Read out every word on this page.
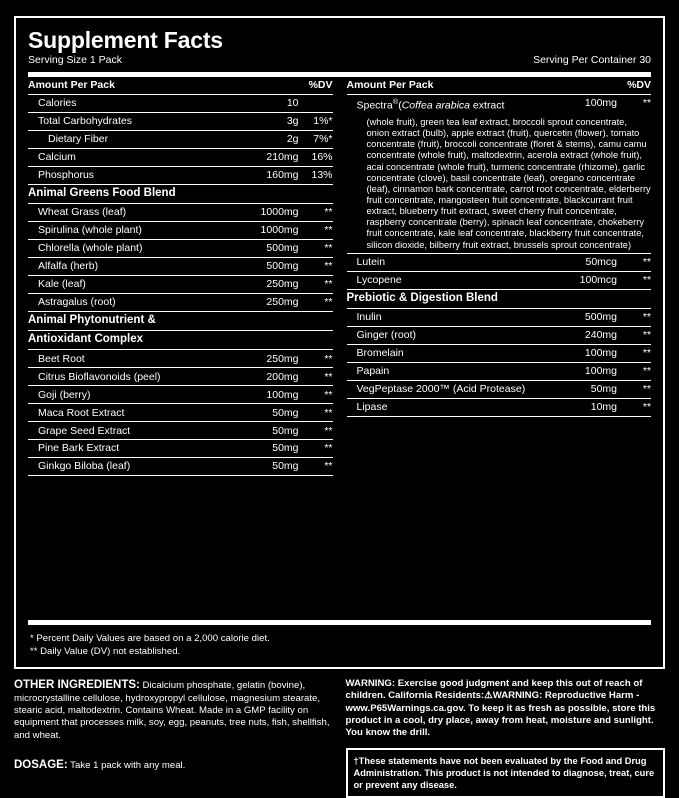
Supplement Facts
Serving Size 1 Pack	Serving Per Container 30
Amount Per Pack		%DV
Calories	10	
Total Carbohydrates	3g	1%*
Dietary Fiber	2g	7%*
Calcium	210mg	16%
Phosphorus	160mg	13%
Animal Greens Food Blend		
Wheat Grass (leaf)	1000mg	**
Spirulina (whole plant)	1000mg	**
Chlorella (whole plant)	500mg	**
Alfalfa (herb)	500mg	**
Kale (leaf)	250mg	**
Astragalus (root)	250mg	**
Animal Phytonutrient &		
Antioxidant Complex		
Beet Root	250mg	**
Citrus Bioflavonoids (peel)	200mg	**
Goji (berry)	100mg	**
Maca Root Extract	50mg	**
Grape Seed Extract	50mg	**
Pine Bark Extract	50mg	**
Ginkgo Biloba (leaf)	50mg	**

Amount Per Pack		%DV
Spectra®(Coffea arabica extract	100mg	**
(whole fruit), green tea leaf extract, broccoli sprout concentrate, onion extract (bulb), apple extract (fruit), quercetin (flower), tomato concentrate (fruit), broccoli concentrate (floret & stems), camu camu concentrate (whole fruit), maltodextrin, acerola extract (whole fruit), acai concentrate (whole fruit), turmeric concentrate (rhizome), garlic concentrate (clove), basil concentrate (leaf), oregano concentrate (leaf), cinnamon bark concentrate, carrot root concentrate, elderberry fruit concentrate, mangosteen fruit concentrate, blackcurrant fruit extract, blueberry fruit extract, sweet cherry fruit concentrate, raspberry concentrate (berry), spinach leaf concentrate, chokeberry fruit concentrate, kale leaf concentrate, blackberry fruit concentrate, silicon dioxide, bilberry fruit extract, brussels sprout concentrate)		
Lutein	50mcg	**
Lycopene	100mcg	**
Prebiotic & Digestion Blend		
Inulin	500mg	**
Ginger (root)	240mg	**
Bromelain	100mg	**
Papain	100mg	**
VegPeptase 2000™ (Acid Protease)	50mg	**
Lipase	10mg	**
* Percent Daily Values are based on a 2,000 calorie diet.
** Daily Value (DV) not established.
OTHER INGREDIENTS: Dicalcium phosphate, gelatin (bovine), microcrystalline cellulose, hydroxypropyl cellulose, magnesium stearate, stearic acid, maltodextrin. Contains Wheat. Made in a GMP facility on equipment that processes milk, soy, egg, peanuts, tree nuts, fish, shellfish, and wheat.
DOSAGE: Take 1 pack with any meal.
WARNING: Exercise good judgment and keep this out of reach of children. California Residents:⚠WARNING: Reproductive Harm - www.P65Warnings.ca.gov. To keep it as fresh as possible, store this product in a cool, dry place, away from heat, moisture and sunlight. You know the drill.
†These statements have not been evaluated by the Food and Drug Administration. This product is not intended to diagnose, treat, cure or prevent any disease.
